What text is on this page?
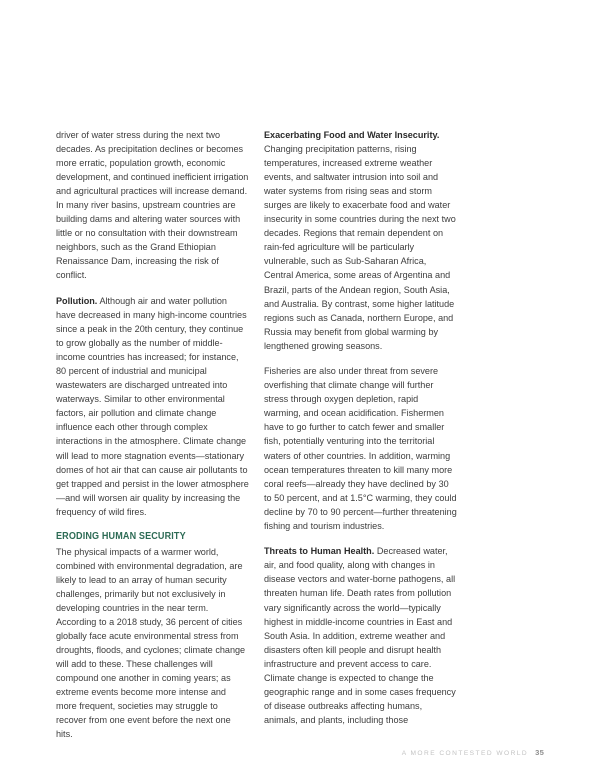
driver of water stress during the next two decades. As precipitation declines or becomes more erratic, population growth, economic development, and continued inefficient irrigation and agricultural practices will increase demand. In many river basins, upstream countries are building dams and altering water sources with little or no consultation with their downstream neighbors, such as the Grand Ethiopian Renaissance Dam, increasing the risk of conflict.

Pollution. Although air and water pollution have decreased in many high-income countries since a peak in the 20th century, they continue to grow globally as the number of middle-income countries has increased; for instance, 80 percent of industrial and municipal wastewaters are discharged untreated into waterways. Similar to other environmental factors, air pollution and climate change influence each other through complex interactions in the atmosphere. Climate change will lead to more stagnation events—stationary domes of hot air that can cause air pollutants to get trapped and persist in the lower atmosphere—and will worsen air quality by increasing the frequency of wild fires.

ERODING HUMAN SECURITY

The physical impacts of a warmer world, combined with environmental degradation, are likely to lead to an array of human security challenges, primarily but not exclusively in developing countries in the near term. According to a 2018 study, 36 percent of cities globally face acute environmental stress from droughts, floods, and cyclones; climate change will add to these. These challenges will compound one another in coming years; as extreme events become more intense and more frequent, societies may struggle to recover from one event before the next one hits.

Exacerbating Food and Water Insecurity. Changing precipitation patterns, rising temperatures, increased extreme weather events, and saltwater intrusion into soil and water systems from rising seas and storm surges are likely to exacerbate food and water insecurity in some countries during the next two decades. Regions that remain dependent on rain-fed agriculture will be particularly vulnerable, such as Sub-Saharan Africa, Central America, some areas of Argentina and Brazil, parts of the Andean region, South Asia, and Australia. By contrast, some higher latitude regions such as Canada, northern Europe, and Russia may benefit from global warming by lengthened growing seasons.

Fisheries are also under threat from severe overfishing that climate change will further stress through oxygen depletion, rapid warming, and ocean acidification. Fishermen have to go further to catch fewer and smaller fish, potentially venturing into the territorial waters of other countries. In addition, warming ocean temperatures threaten to kill many more coral reefs—already they have declined by 30 to 50 percent, and at 1.5°C warming, they could decline by 70 to 90 percent—further threatening fishing and tourism industries.

Threats to Human Health. Decreased water, air, and food quality, along with changes in disease vectors and water-borne pathogens, all threaten human life. Death rates from pollution vary significantly across the world—typically highest in middle-income countries in East and South Asia. In addition, extreme weather and disasters often kill people and disrupt health infrastructure and prevent access to care. Climate change is expected to change the geographic range and in some cases frequency of disease outbreaks affecting humans, animals, and plants, including those

A MORE CONTESTED WORLD 35
